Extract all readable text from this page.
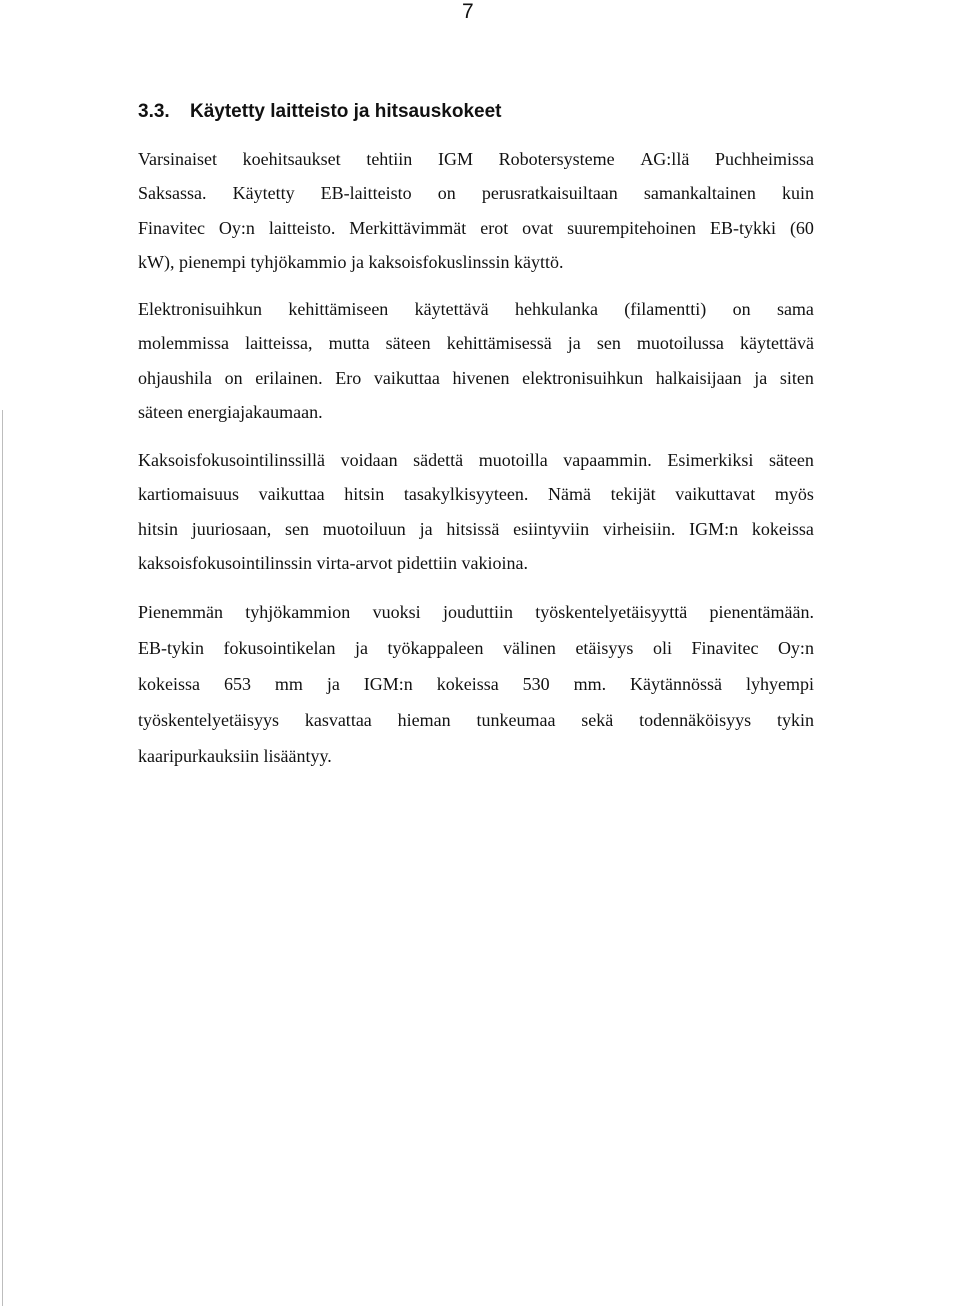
7
3.3. Käytetty laitteisto ja hitsauskokeet
Varsinaiset koehitsaukset tehtiin IGM Robotersysteme AG:llä Puchheimissa
Saksassa. Käytetty EB-laitteisto on perusratkaisuiltaan samankaltainen kuin
Finavitec Oy:n laitteisto. Merkittävimmät erot ovat suurempitehoinen EB-tykki (60
kW), pienempi tyhjökammio ja kaksoisfokuslinssin käyttö.
Elektronisuihkun kehittämiseen käytettävä hehkulanka (filamentti) on sama
molemmissa laitteissa, mutta säteen kehittämisessä ja sen muotoilussa käytettävä
ohjaushila on erilainen. Ero vaikuttaa hivenen elektronisuihkun halkaisijaan ja siten
säteen energiajakaumaan.
Kaksoisfokusointilinssillä voidaan sädettä muotoilla vapaammin. Esimerkiksi säteen
kartiomaisuus vaikuttaa hitsin tasakylkisyyteen. Nämä tekijät vaikuttavat myös
hitsin juuriosaan, sen muotoiluun ja hitsissä esiintyviin virheisiin. IGM:n kokeissa
kaksoisfokusointilinssin virta-arvot pidettiin vakioina.
Pienemmän tyhjökammion vuoksi jouduttiin työskentelyetäisyyttä pienentämään.
EB-tykin fokusointikelan ja työkappaleen välinen etäisyys oli Finavitec Oy:n
kokeissa 653 mm ja IGM:n kokeissa 530 mm. Käytännössä lyhyempi
työskentelyetäisyys kasvattaa hieman tunkeumaa sekä todennäköisyys tykin
kaaripurkauksiin lisääntyy.
